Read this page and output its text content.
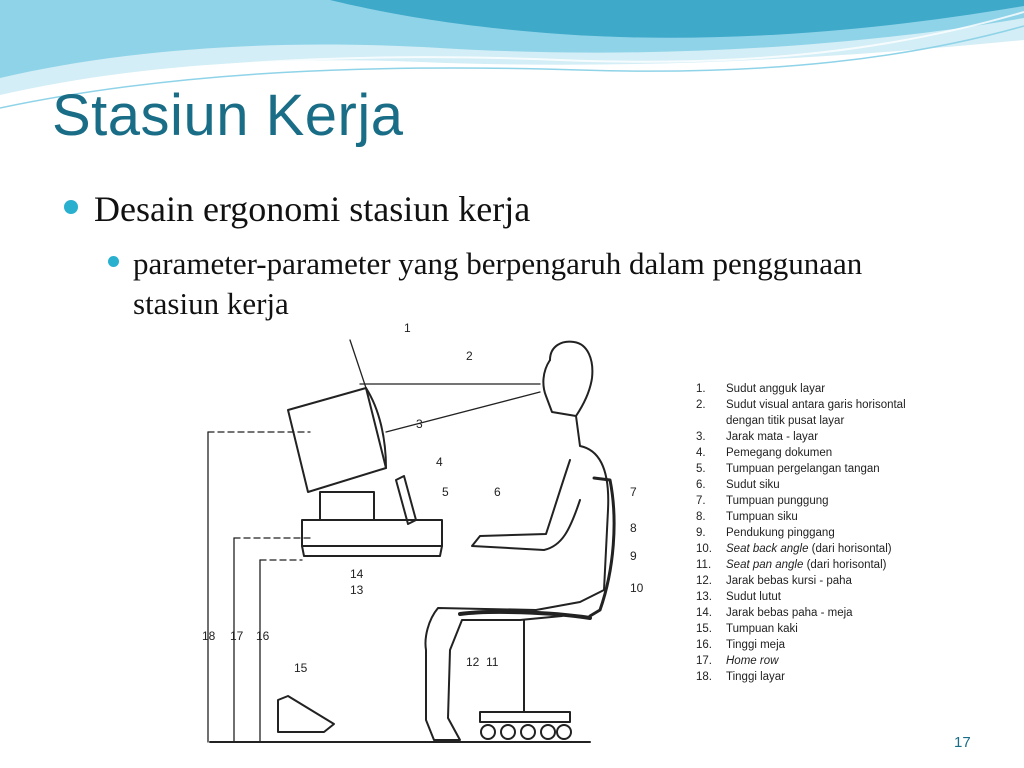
Stasiun Kerja
Desain ergonomi stasiun kerja
parameter-parameter yang berpengaruh dalam penggunaan stasiun kerja
1
2
3
4
5	6	7
8
9
10
11
12
13
14
15
16
17
18
1.	Sudut angguk layar
2.	Sudut visual antara garis horisontal dengan titik pusat layar
3.	Jarak mata - layar
4.	Pemegang dokumen
5.	Tumpuan pergelangan tangan
6.	Sudut siku
7.	Tumpuan punggung
8.	Tumpuan siku
9.	Pendukung pinggang
10.	Seat back angle (dari horisontal)
11.	Seat pan angle (dari horisontal)
12.	Jarak bebas kursi - paha
13.	Sudut lutut
14.	Jarak bebas paha - meja
15.	Tumpuan kaki
16.	Tinggi meja
17.	Home row
18.	Tinggi layar
17
